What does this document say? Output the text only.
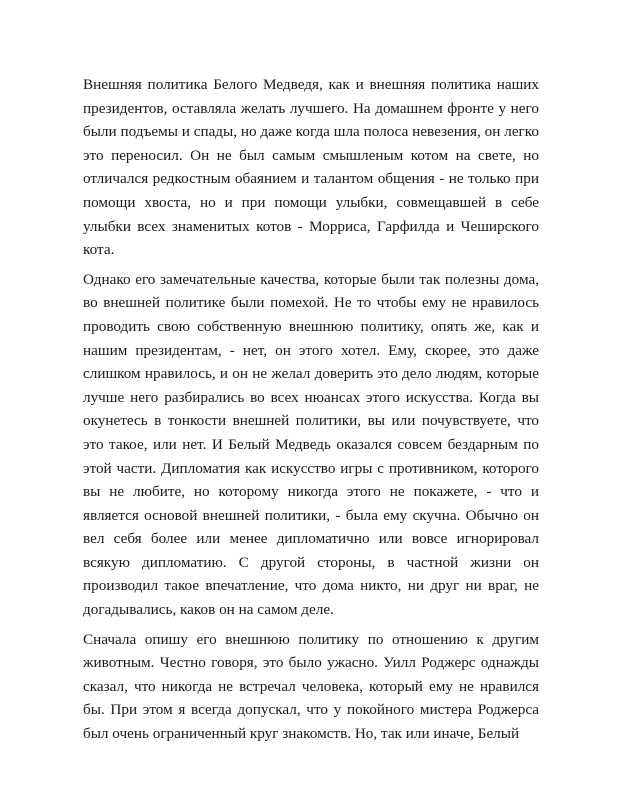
Внешняя политика Белого Медведя, как и внешняя политика наших президентов, оставляла желать лучшего. На домашнем фронте у него были подъемы и спады, но даже когда шла полоса невезения, он легко это переносил. Он не был самым смышленым котом на свете, но отличался редкостным обаянием и талантом общения - не только при помощи хвоста, но и при помощи улыбки, совмещавшей в себе улыбки всех знаменитых котов - Морриса, Гарфилда и Чеширского кота.

Однако его замечательные качества, которые были так полезны дома, во внешней политике были помехой. Не то чтобы ему не нравилось проводить свою собственную внешнюю политику, опять же, как и нашим президентам, - нет, он этого хотел. Ему, скорее, это даже слишком нравилось, и он не желал доверить это дело людям, которые лучше него разбирались во всех нюансах этого искусства. Когда вы окунетесь в тонкости внешней политики, вы или почувствуете, что это такое, или нет. И Белый Медведь оказался совсем бездарным по этой части. Дипломатия как искусство игры с противником, которого вы не любите, но которому никогда этого не покажете, - что и является основой внешней политики, - была ему скучна. Обычно он вел себя более или менее дипломатично или вовсе игнорировал всякую дипломатию. С другой стороны, в частной жизни он производил такое впечатление, что дома никто, ни друг ни враг, не догадывались, каков он на самом деле.

Сначала опишу его внешнюю политику по отношению к другим животным. Честно говоря, это было ужасно. Уилл Роджерс однажды сказал, что никогда не встречал человека, который ему не нравился бы. При этом я всегда допускал, что у покойного мистера Роджерса был очень ограниченный круг знакомств. Но, так или иначе, Белый
